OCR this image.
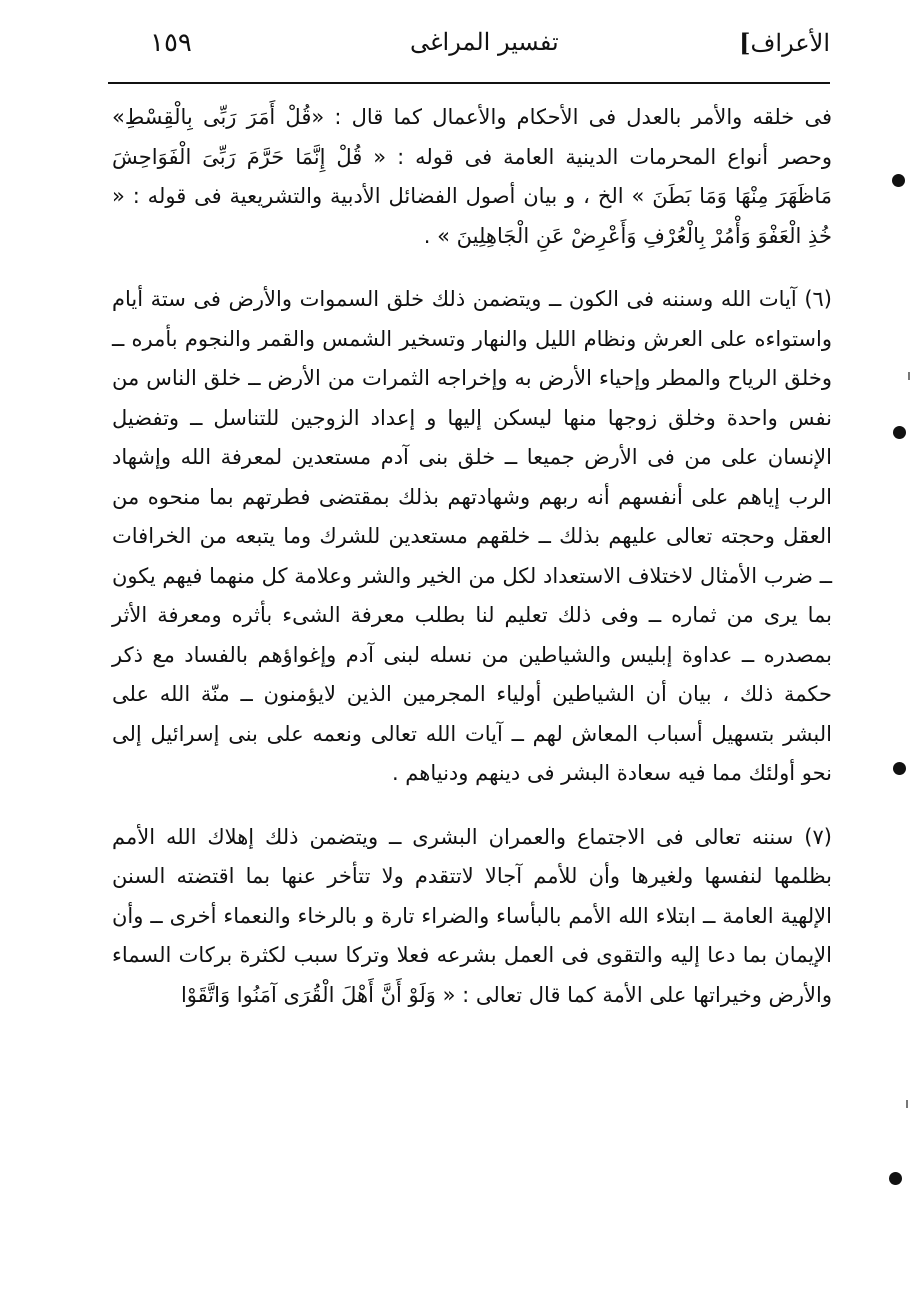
الأعراف]
تفسير المراغى
١٥٩

فى خلقه والأمر بالعدل فى الأحكام والأعمال كما قال : «قُلْ أَمَرَ رَبِّى بِالْقِسْطِ» وحصر أنواع المحرمات الدينية العامة فى قوله : « قُلْ إِنَّمَا حَرَّمَ رَبِّىَ الْفَوَاحِشَ مَاظَهَرَ مِنْهَا وَمَا بَطَنَ » الخ ، و بيان أصول الفضائل الأدبية والتشريعية فى قوله : « خُذِ الْعَفْوَ وَأْمُرْ بِالْعُرْفِ وَأَعْرِضْ عَنِ الْجَاهِلِينَ » .

(٦) آيات الله وسننه فى الكون ــ ويتضمن ذلك خلق السموات والأرض فى ستة أيام واستواءه على العرش ونظام الليل والنهار وتسخير الشمس والقمر والنجوم بأمره ــ وخلق الرياح والمطر وإحياء الأرض به وإخراجه الثمرات من الأرض ــ خلق الناس من نفس واحدة وخلق زوجها منها ليسكن إليها و إعداد الزوجين للتناسل ــ وتفضيل الإنسان على من فى الأرض جميعا ــ خلق بنى آدم مستعدين لمعرفة الله وإشهاد الرب إياهم على أنفسهم أنه ربهم وشهادتهم بذلك بمقتضى فطرتهم بما منحوه من العقل وحجته تعالى عليهم بذلك ــ خلقهم مستعدين للشرك وما يتبعه من الخرافات ــ ضرب الأمثال لاختلاف الاستعداد لكل من الخير والشر وعلامة كل منهما فيهم يكون بما يرى من ثماره ــ وفى ذلك تعليم لنا بطلب معرفة الشىء بأثره ومعرفة الأثر بمصدره ــ عداوة إبليس والشياطين من نسله لبنى آدم وإغواؤهم بالفساد مع ذكر حكمة ذلك ، بيان أن الشياطين أولياء المجرمين الذين لايؤمنون ــ منّة الله على البشر بتسهيل أسباب المعاش لهم ــ آيات الله تعالى ونعمه على بنى إسرائيل إلى نحو أولئك مما فيه سعادة البشر فى دينهم ودنياهم .

(٧) سننه تعالى فى الاجتماع والعمران البشرى ــ ويتضمن ذلك إهلاك الله الأمم بظلمها لنفسها ولغيرها وأن للأمم آجالا لاتتقدم ولا تتأخر عنها بما اقتضته السنن الإلهية العامة ــ ابتلاء الله الأمم بالبأساء والضراء تارة و بالرخاء والنعماء أخرى ــ وأن الإيمان بما دعا إليه والتقوى فى العمل بشرعه فعلا وتركا سبب لكثرة بركات السماء والأرض وخيراتها على الأمة كما قال تعالى : « وَلَوْ أَنَّ أَهْلَ الْقُرَى آمَنُوا وَاتَّقَوْا
